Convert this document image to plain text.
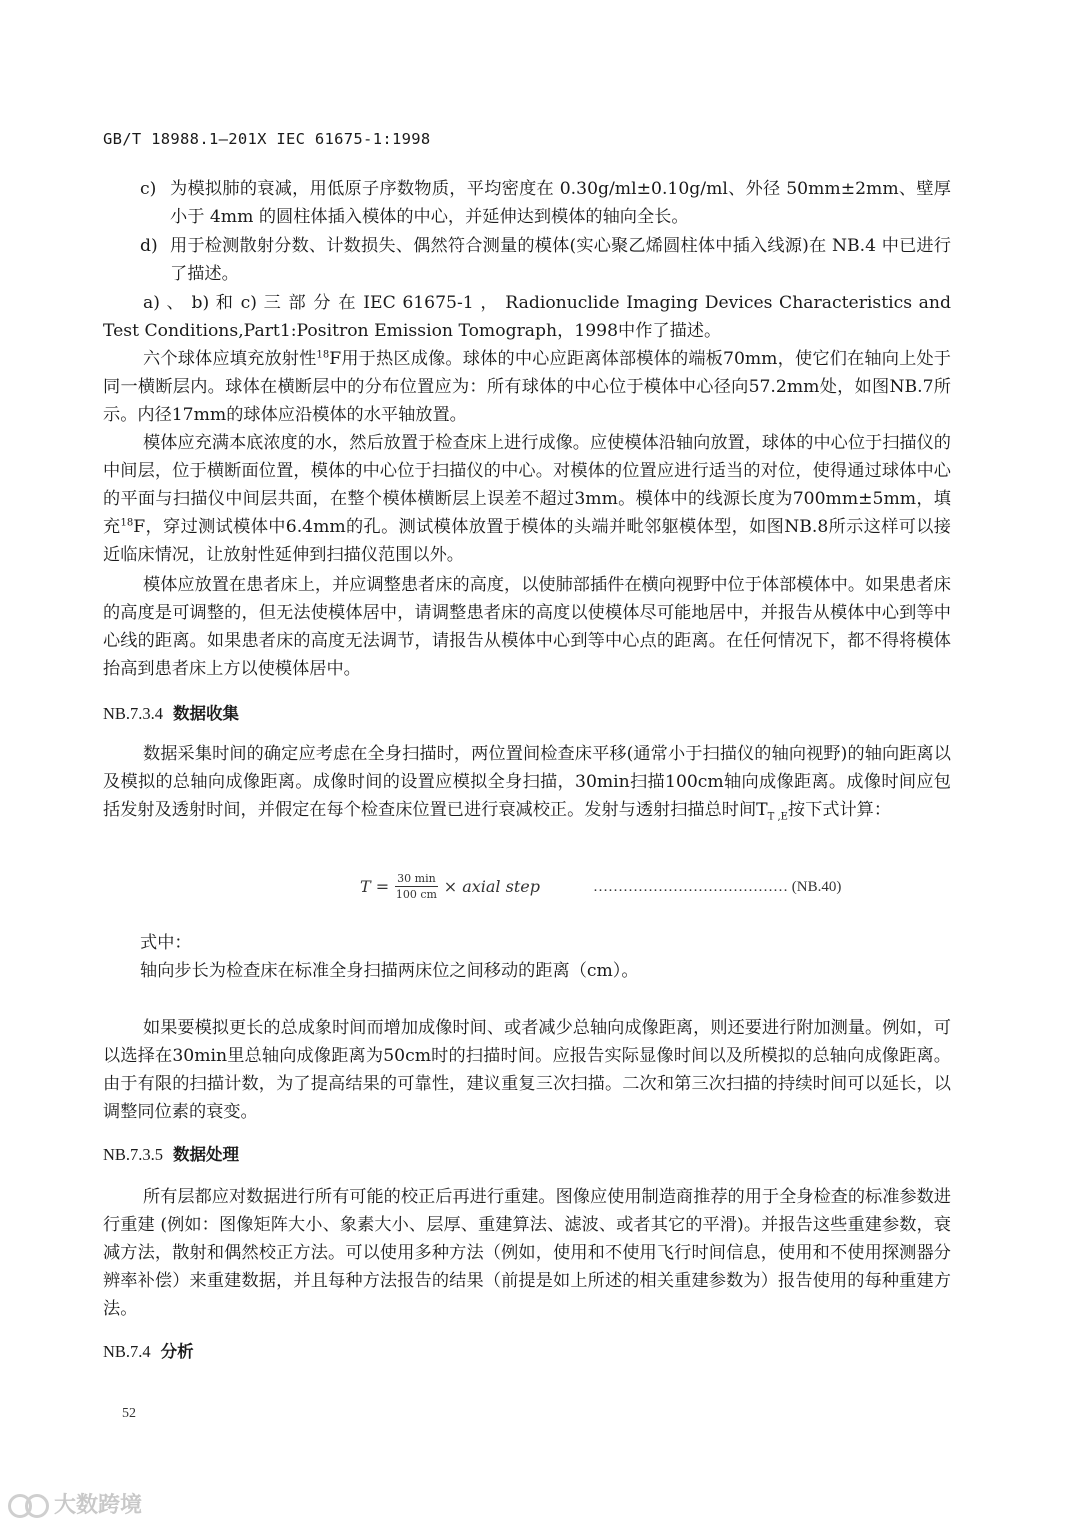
GB/T 18988.1—201X IEC 61675-1:1998
c) 为模拟肺的衰减，用低原子序数物质，平均密度在 0.30g/ml±0.10g/ml、外径 50mm±2mm、壁厚小于 4mm 的圆柱体插入模体的中心，并延伸达到模体的轴向全长。
d) 用于检测散射分数、计数损失、偶然符合测量的模体(实心聚乙烯圆柱体中插入线源)在 NB.4 中已进行了描述。

a) 、 b) 和 c) 三 部 分 在 IEC 61675-1 ， Radionuclide Imaging Devices Characteristics and Test Conditions,Part1:Positron Emission Tomograph，1998中作了描述。

六个球体应填充放射性$^{18}$F用于热区成像。球体的中心应距离体部模体的端板70mm，使它们在轴向上处于同一横断层内。球体在横断层中的分布位置应为：所有球体的中心位于模体中心径向57.2mm处，如图NB.7所示。内径17mm的球体应沿模体的水平轴放置。

模体应充满本底浓度的水，然后放置于检查床上进行成像。应使模体沿轴向放置，球体的中心位于扫描仪的中间层，位于横断面位置，模体的中心位于扫描仪的中心。对模体的位置应进行适当的对位，使得通过球体中心的平面与扫描仪中间层共面，在整个模体横断层上误差不超过3mm。模体中的线源长度为700mm±5mm，填充$^{18}$F，穿过测试模体中6.4mm的孔。测试模体放置于模体的头端并毗邻躯模体型，如图NB.8所示这样可以接近临床情况，让放射性延伸到扫描仪范围以外。

模体应放置在患者床上，并应调整患者床的高度，以使肺部插件在横向视野中位于体部模体中。如果患者床的高度是可调整的，但无法使模体居中，请调整患者床的高度以使模体尽可能地居中，并报告从模体中心到等中心线的距离。如果患者床的高度无法调节，请报告从模体中心到等中心点的距离。在任何情况下，都不得将模体抬高到患者床上方以使模体居中。

NB.7.3.4 数据收集

数据采集时间的确定应考虑在全身扫描时，两位置间检查床平移(通常小于扫描仪的轴向视野)的轴向距离以及模拟的总轴向成像距离。成像时间的设置应模拟全身扫描，30min扫描100cm轴向成像距离。成像时间应包括发射及透射时间，并假定在每个检查床位置已进行衰减校正。发射与透射扫描总时间$T_{T ,E}$按下式计算：

$T = \frac{30 \min}{100 cm}$ × axial step	………………………………… (NB.40)
式中：
轴向步长为检查床在标准全身扫描两床位之间移动的距离（cm）。

如果要模拟更长的总成象时间而增加成像时间、或者减少总轴向成像距离，则还要进行附加测量。例如，可以选择在30min里总轴向成像距离为50cm时的扫描时间。应报告实际显像时间以及所模拟的总轴向成像距离。由于有限的扫描计数，为了提高结果的可靠性，建议重复三次扫描。二次和第三次扫描的持续时间可以延长，以调整同位素的衰变。

NB.7.3.5 数据处理

所有层都应对数据进行所有可能的校正后再进行重建。图像应使用制造商推荐的用于全身检查的标准参数进行重建 (例如：图像矩阵大小、象素大小、层厚、重建算法、滤波、或者其它的平滑)。并报告这些重建参数，衰减方法，散射和偶然校正方法。可以使用多种方法（例如，使用和不使用飞行时间信息，使用和不使用探测器分辨率补偿）来重建数据，并且每种方法报告的结果（前提是如上所述的相关重建参数为）报告使用的每种重建方法。

NB.7.4 分析
52
大数跨境
